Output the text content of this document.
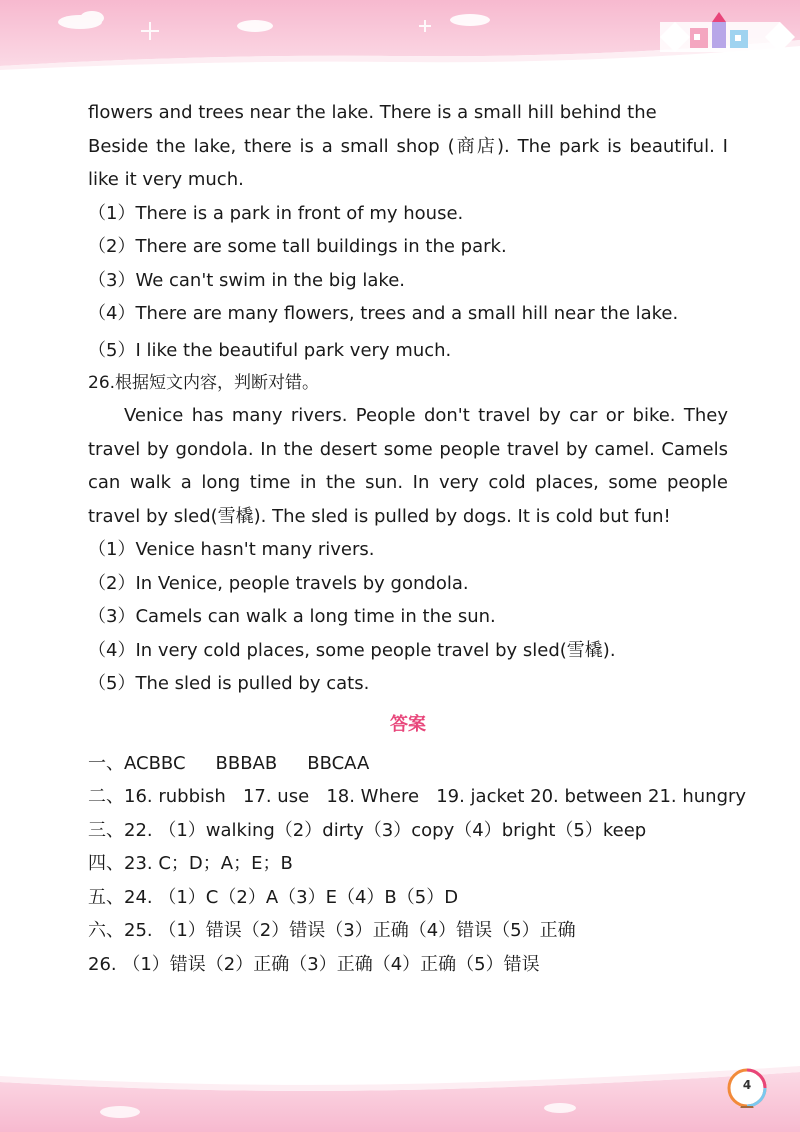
4
flowers and trees near the lake. There is a small hill behind the
Beside the lake, there is a small shop (商店). The park is beautiful. I like it very much.
（1）There is a park in front of my house.
（2）There are some tall buildings in the park.
（3）We can't swim in the big lake.
（4）There are many flowers, trees and a small hill near the lake.
（5）I like the beautiful park very much.
26.根据短文内容，判断对错。
Venice has many rivers. People don't travel by car or bike. They travel by gondola. In the desert some people travel by camel. Camels can walk a long time in the sun. In very cold places, some people travel by sled(雪橇). The sled is pulled by dogs. It is cold but fun!
（1）Venice hasn't many rivers.
（2）In Venice, people travels by gondola.
（3）Camels can walk a long time in the sun.
（4）In very cold places, some people travel by sled(雪橇).
（5）The sled is pulled by cats.
答案
一、ACBBC BBBAB BBCAA
二、16. rubbish   17. use   18. Where   19. jacket 20. between 21. hungry
三、22. （1）walking（2）dirty（3）copy（4）bright（5）keep
四、23. C；D；A；E；B
五、24. （1）C（2）A（3）E（4）B（5）D
六、25. （1）错误（2）错误（3）正确（4）错误（5）正确
26. （1）错误（2）正确（3）正确（4）正确（5）错误
